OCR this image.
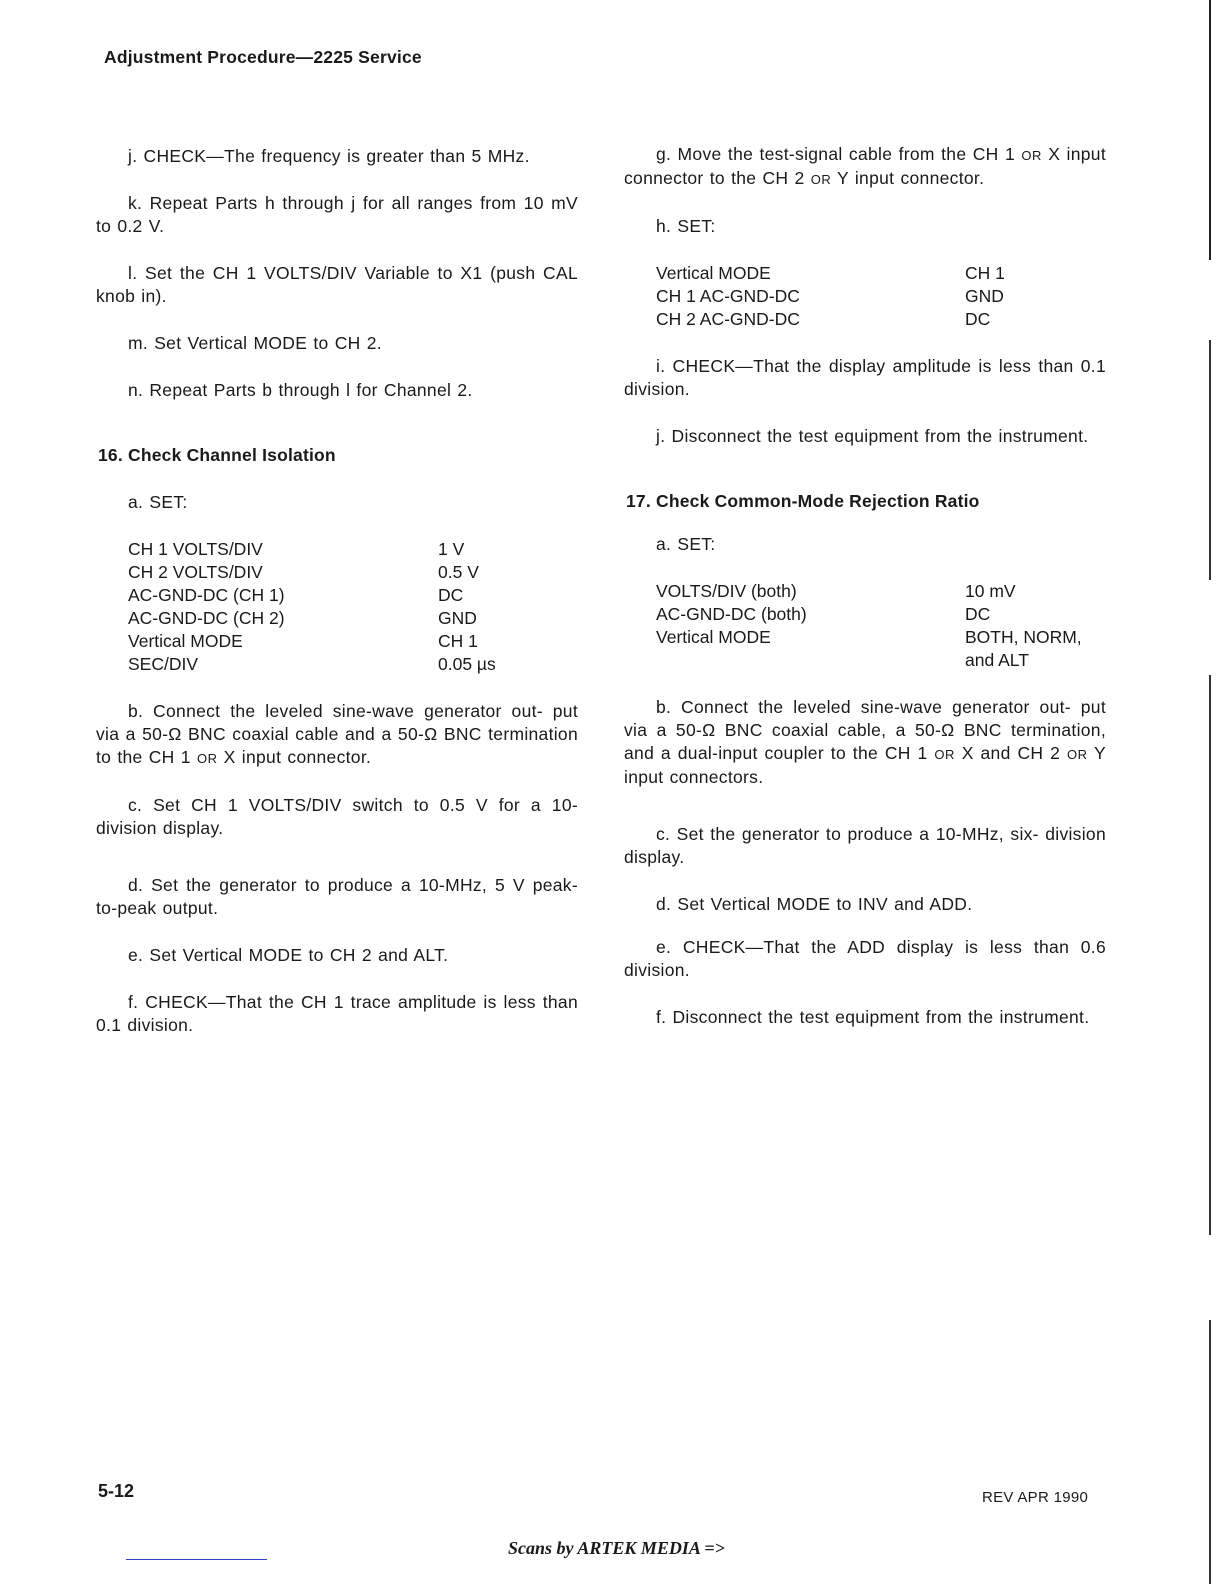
Adjustment Procedure—2225 Service

j. CHECK—The frequency is greater than 5 MHz.

k. Repeat Parts h through j for all ranges from 10 mV to 0.2 V.

l. Set the CH 1 VOLTS/DIV Variable to X1 (push CAL knob in).

m. Set Vertical MODE to CH 2.

n. Repeat Parts b through l for Channel 2.

16. Check Channel Isolation

a. SET:

CH 1 VOLTS/DIV	1 V
CH 2 VOLTS/DIV	0.5 V
AC-GND-DC (CH 1)	DC
AC-GND-DC (CH 2)	GND
Vertical MODE	CH 1
SEC/DIV	0.05 µs

b. Connect the leveled sine-wave generator out- put via a 50-Ω BNC coaxial cable and a 50-Ω BNC termination to the CH 1 OR X input connector.

c. Set CH 1 VOLTS/DIV switch to 0.5 V for a 10-division display.

d. Set the generator to produce a 10-MHz, 5 V peak-to-peak output.

e. Set Vertical MODE to CH 2 and ALT.

f. CHECK—That the CH 1 trace amplitude is less than 0.1 division.

g. Move the test-signal cable from the CH 1 OR X input connector to the CH 2 OR Y input connector.

h. SET:

Vertical MODE	CH 1
CH 1 AC-GND-DC	GND
CH 2 AC-GND-DC	DC

i. CHECK—That the display amplitude is less than 0.1 division.

j. Disconnect the test equipment from the instrument.

17. Check Common-Mode Rejection Ratio

a. SET:

VOLTS/DIV (both)	10 mV
AC-GND-DC (both)	DC
Vertical MODE	BOTH, NORM,
and ALT

b. Connect the leveled sine-wave generator out- put via a 50-Ω BNC coaxial cable, a 50-Ω BNC termination, and a dual-input coupler to the CH 1 OR X and CH 2 OR Y input connectors.

c. Set the generator to produce a 10-MHz, six- division display.

d. Set Vertical MODE to INV and ADD.

e. CHECK—That the ADD display is less than 0.6 division.

f. Disconnect the test equipment from the instrument.

5-12	REV APR 1990
Scans by ARTEK MEDIA =>
